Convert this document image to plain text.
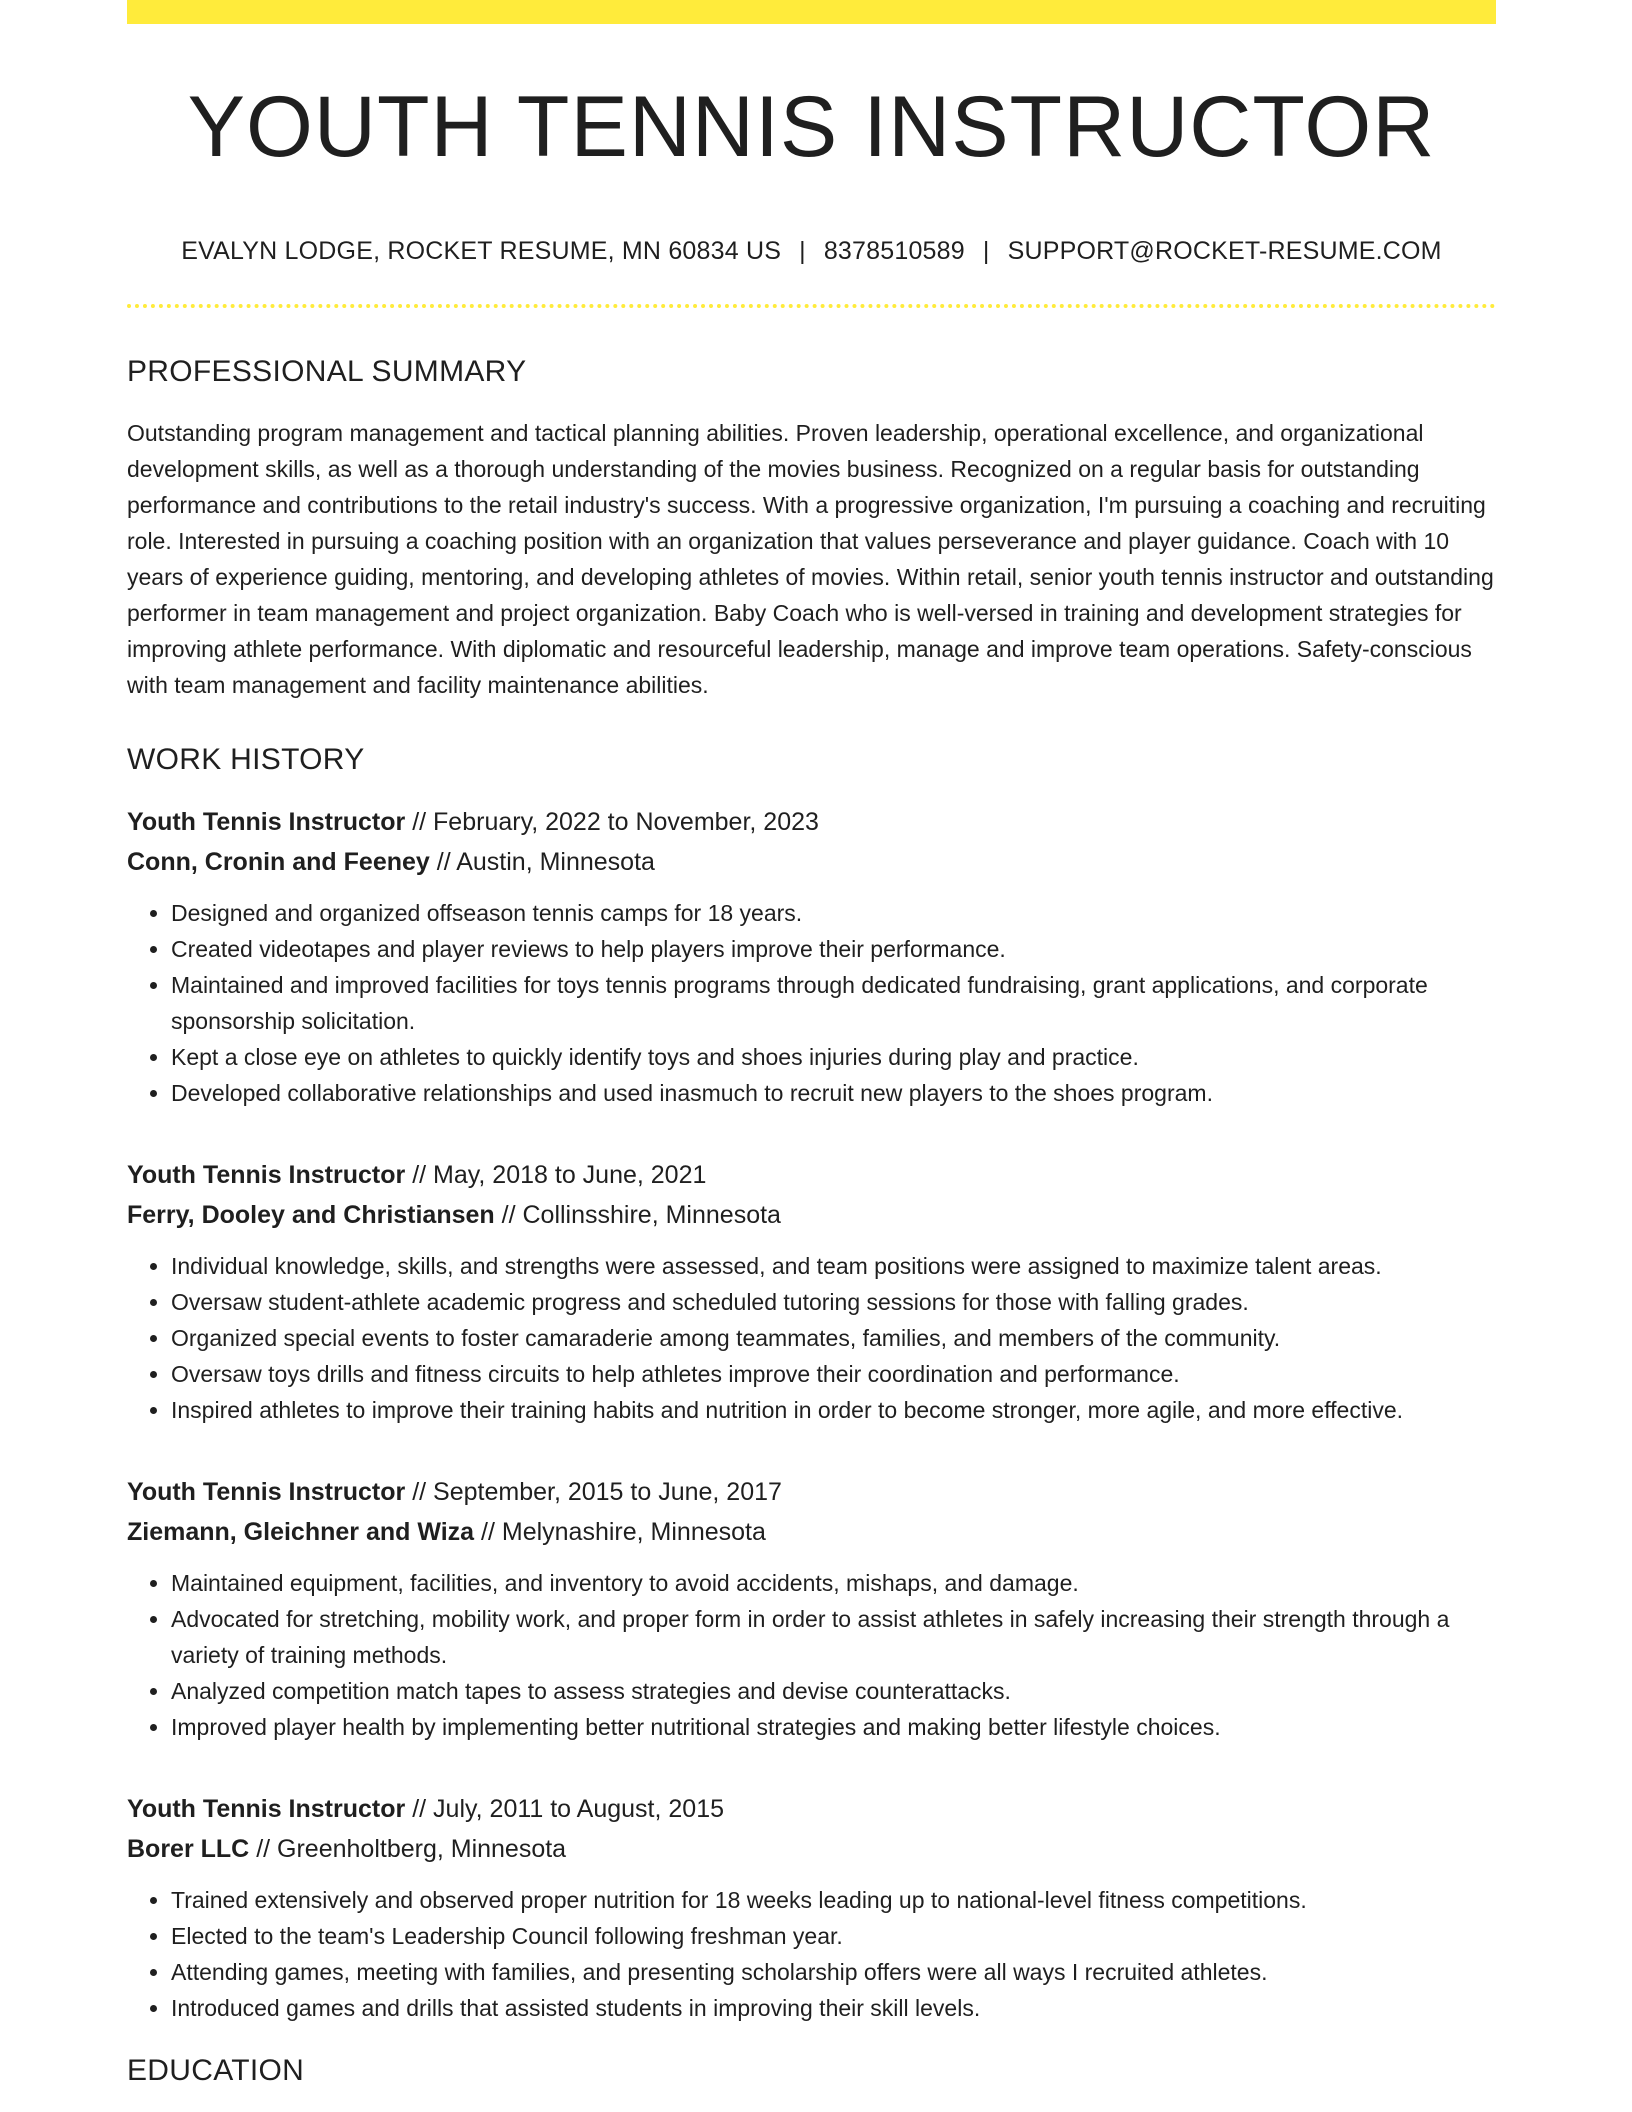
YOUTH TENNIS INSTRUCTOR
EVALYN LODGE, ROCKET RESUME, MN 60834 US | 8378510589 | SUPPORT@ROCKET-RESUME.COM
PROFESSIONAL SUMMARY
Outstanding program management and tactical planning abilities. Proven leadership, operational excellence, and organizational development skills, as well as a thorough understanding of the movies business. Recognized on a regular basis for outstanding performance and contributions to the retail industry's success. With a progressive organization, I'm pursuing a coaching and recruiting role. Interested in pursuing a coaching position with an organization that values perseverance and player guidance. Coach with 10 years of experience guiding, mentoring, and developing athletes of movies. Within retail, senior youth tennis instructor and outstanding performer in team management and project organization. Baby Coach who is well-versed in training and development strategies for improving athlete performance. With diplomatic and resourceful leadership, manage and improve team operations. Safety-conscious with team management and facility maintenance abilities.
WORK HISTORY
Youth Tennis Instructor // February, 2022 to November, 2023
Conn, Cronin and Feeney // Austin, Minnesota
• Designed and organized offseason tennis camps for 18 years.
• Created videotapes and player reviews to help players improve their performance.
• Maintained and improved facilities for toys tennis programs through dedicated fundraising, grant applications, and corporate sponsorship solicitation.
• Kept a close eye on athletes to quickly identify toys and shoes injuries during play and practice.
• Developed collaborative relationships and used inasmuch to recruit new players to the shoes program.
Youth Tennis Instructor // May, 2018 to June, 2021
Ferry, Dooley and Christiansen // Collinsshire, Minnesota
• Individual knowledge, skills, and strengths were assessed, and team positions were assigned to maximize talent areas.
• Oversaw student-athlete academic progress and scheduled tutoring sessions for those with falling grades.
• Organized special events to foster camaraderie among teammates, families, and members of the community.
• Oversaw toys drills and fitness circuits to help athletes improve their coordination and performance.
• Inspired athletes to improve their training habits and nutrition in order to become stronger, more agile, and more effective.
Youth Tennis Instructor // September, 2015 to June, 2017
Ziemann, Gleichner and Wiza // Melynashire, Minnesota
• Maintained equipment, facilities, and inventory to avoid accidents, mishaps, and damage.
• Advocated for stretching, mobility work, and proper form in order to assist athletes in safely increasing their strength through a variety of training methods.
• Analyzed competition match tapes to assess strategies and devise counterattacks.
• Improved player health by implementing better nutritional strategies and making better lifestyle choices.
Youth Tennis Instructor // July, 2011 to August, 2015
Borer LLC // Greenholtberg, Minnesota
• Trained extensively and observed proper nutrition for 18 weeks leading up to national-level fitness competitions.
• Elected to the team's Leadership Council following freshman year.
• Attending games, meeting with families, and presenting scholarship offers were all ways I recruited athletes.
• Introduced games and drills that assisted students in improving their skill levels.
EDUCATION
